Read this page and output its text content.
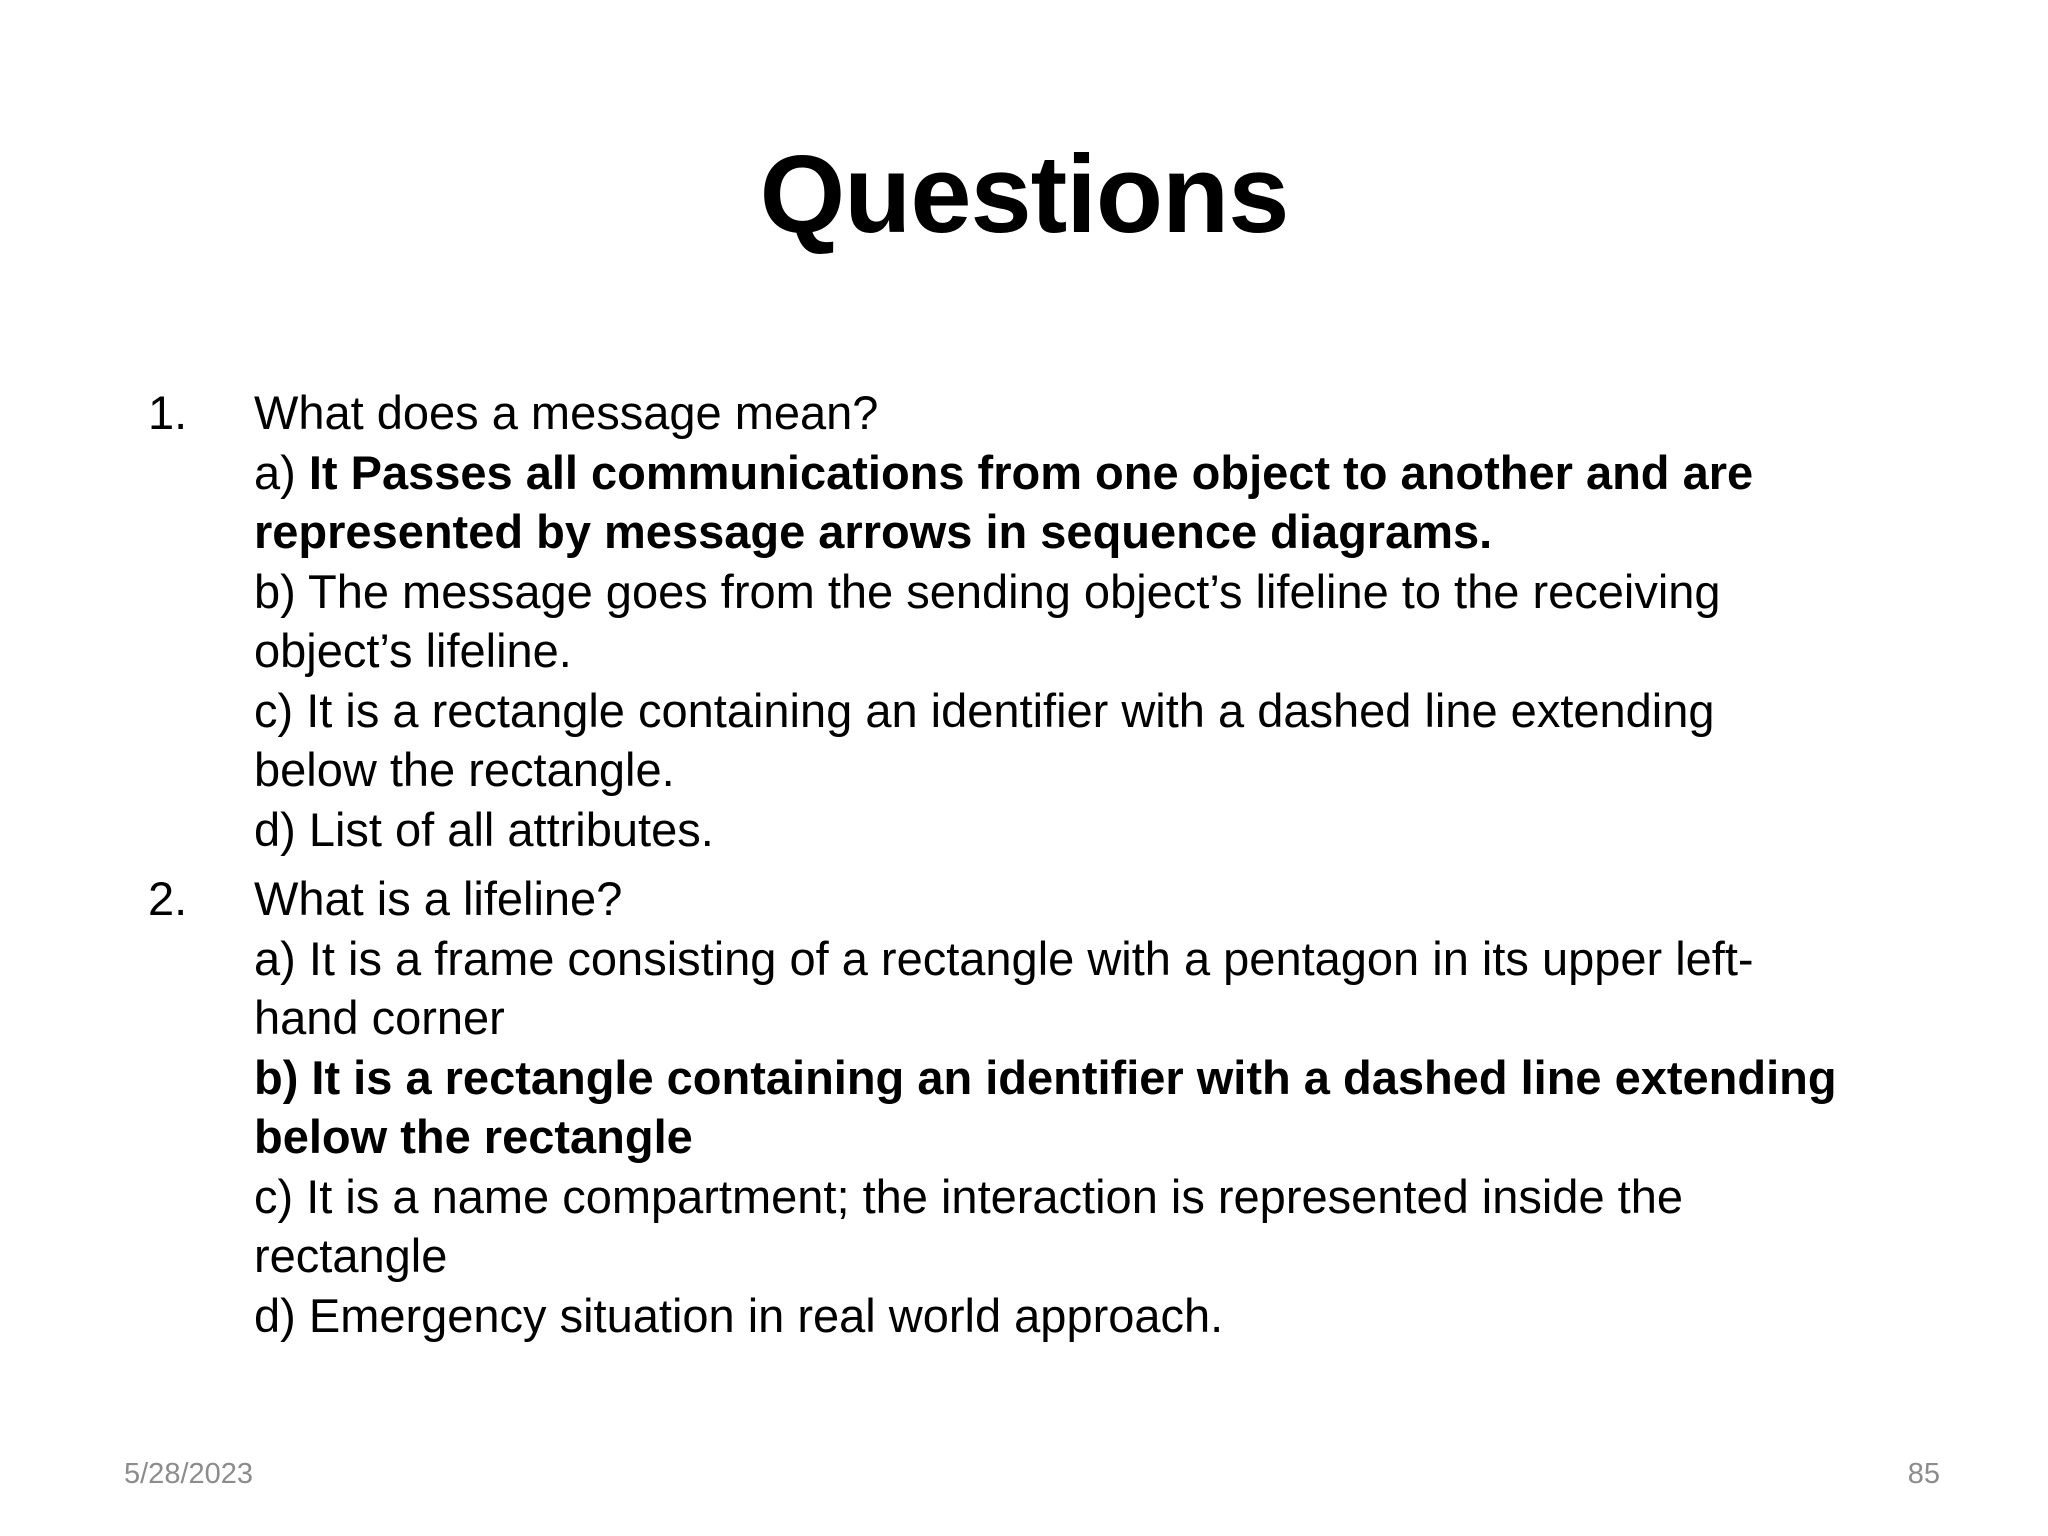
Questions
1. What does a message mean?
a) It Passes all communications from one object to another and are
represented by message arrows in sequence diagrams.
b) The message goes from the sending object’s lifeline to the receiving
object’s lifeline.
c) It is a rectangle containing an identifier with a dashed line extending
below the rectangle.
d) List of all attributes.
2. What is a lifeline?
a) It is a frame consisting of a rectangle with a pentagon in its upper left-
hand corner
b) It is a rectangle containing an identifier with a dashed line extending
below the rectangle
c) It is a name compartment; the interaction is represented inside the
rectangle
d) Emergency situation in real world approach.
5/28/2023	85
